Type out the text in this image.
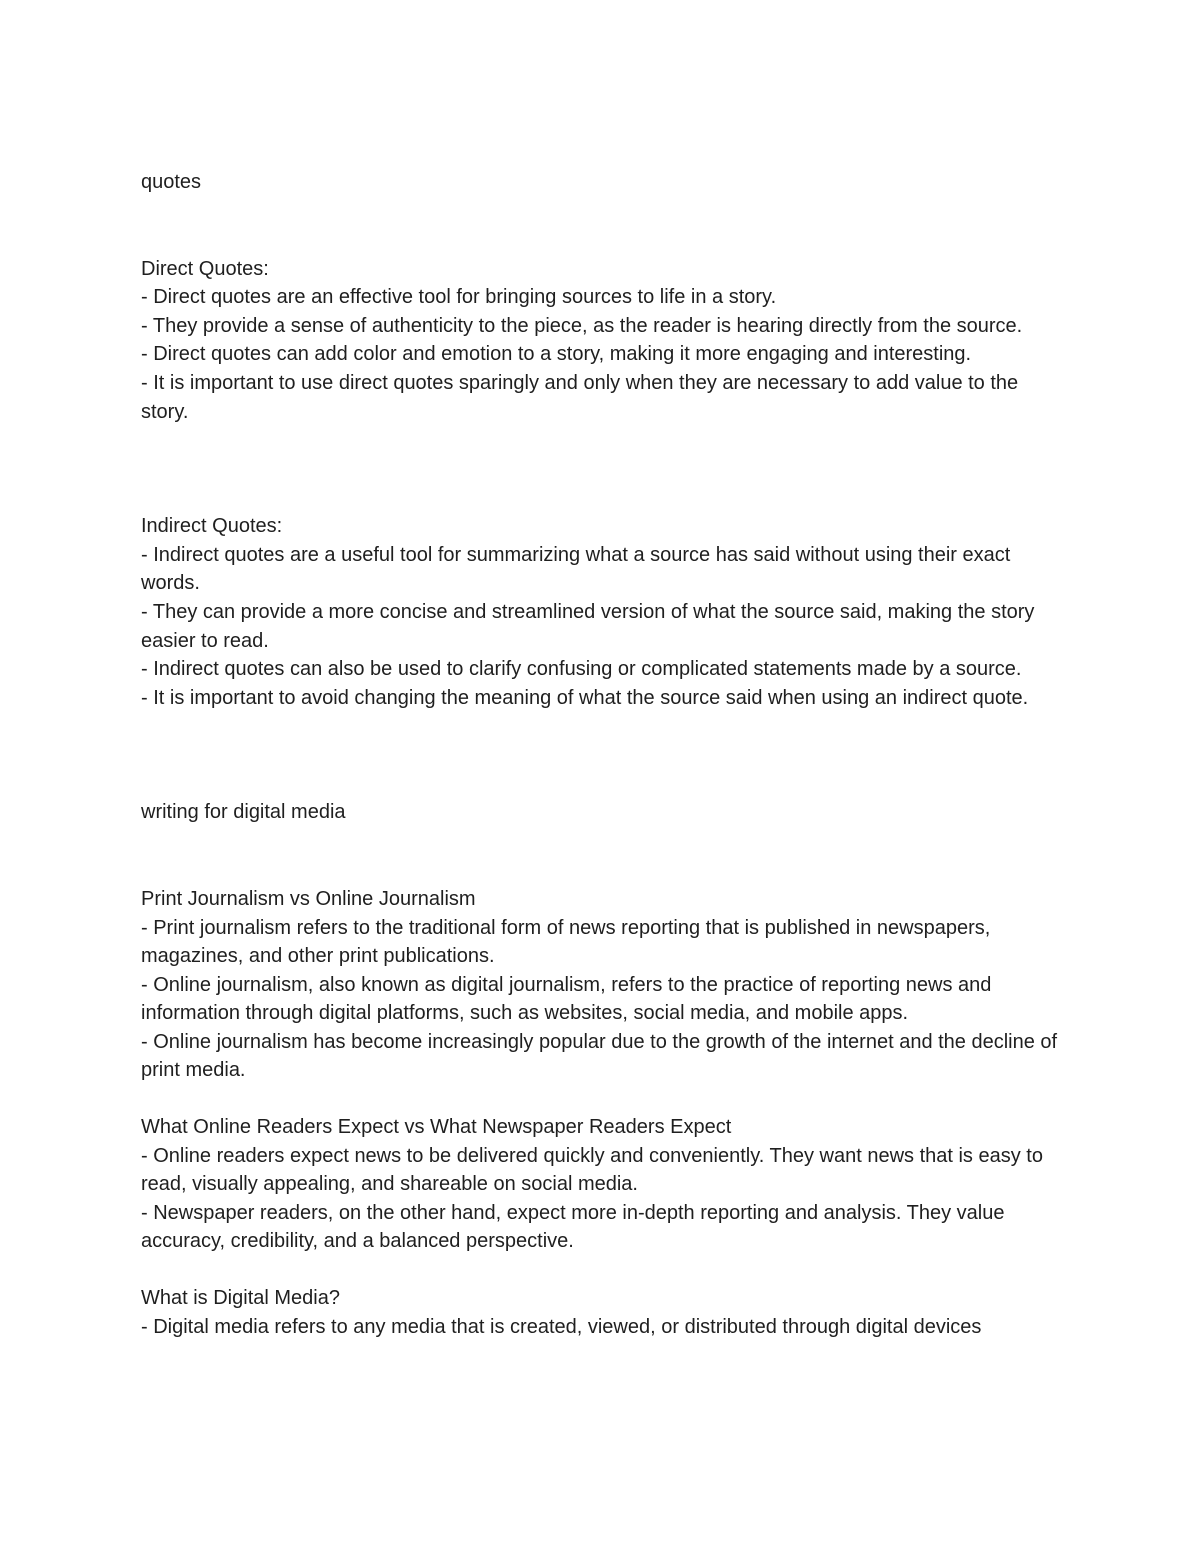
quotes
Direct Quotes:
- Direct quotes are an effective tool for bringing sources to life in a story.
- They provide a sense of authenticity to the piece, as the reader is hearing directly from the source.
- Direct quotes can add color and emotion to a story, making it more engaging and interesting.
- It is important to use direct quotes sparingly and only when they are necessary to add value to the story.
Indirect Quotes:
- Indirect quotes are a useful tool for summarizing what a source has said without using their exact words.
- They can provide a more concise and streamlined version of what the source said, making the story easier to read.
- Indirect quotes can also be used to clarify confusing or complicated statements made by a source.
- It is important to avoid changing the meaning of what the source said when using an indirect quote.
writing for digital media
Print Journalism vs Online Journalism
- Print journalism refers to the traditional form of news reporting that is published in newspapers, magazines, and other print publications.
- Online journalism, also known as digital journalism, refers to the practice of reporting news and information through digital platforms, such as websites, social media, and mobile apps.
- Online journalism has become increasingly popular due to the growth of the internet and the decline of print media.
What Online Readers Expect vs What Newspaper Readers Expect
- Online readers expect news to be delivered quickly and conveniently. They want news that is easy to read, visually appealing, and shareable on social media.
- Newspaper readers, on the other hand, expect more in-depth reporting and analysis. They value accuracy, credibility, and a balanced perspective.
What is Digital Media?
- Digital media refers to any media that is created, viewed, or distributed through digital devices
